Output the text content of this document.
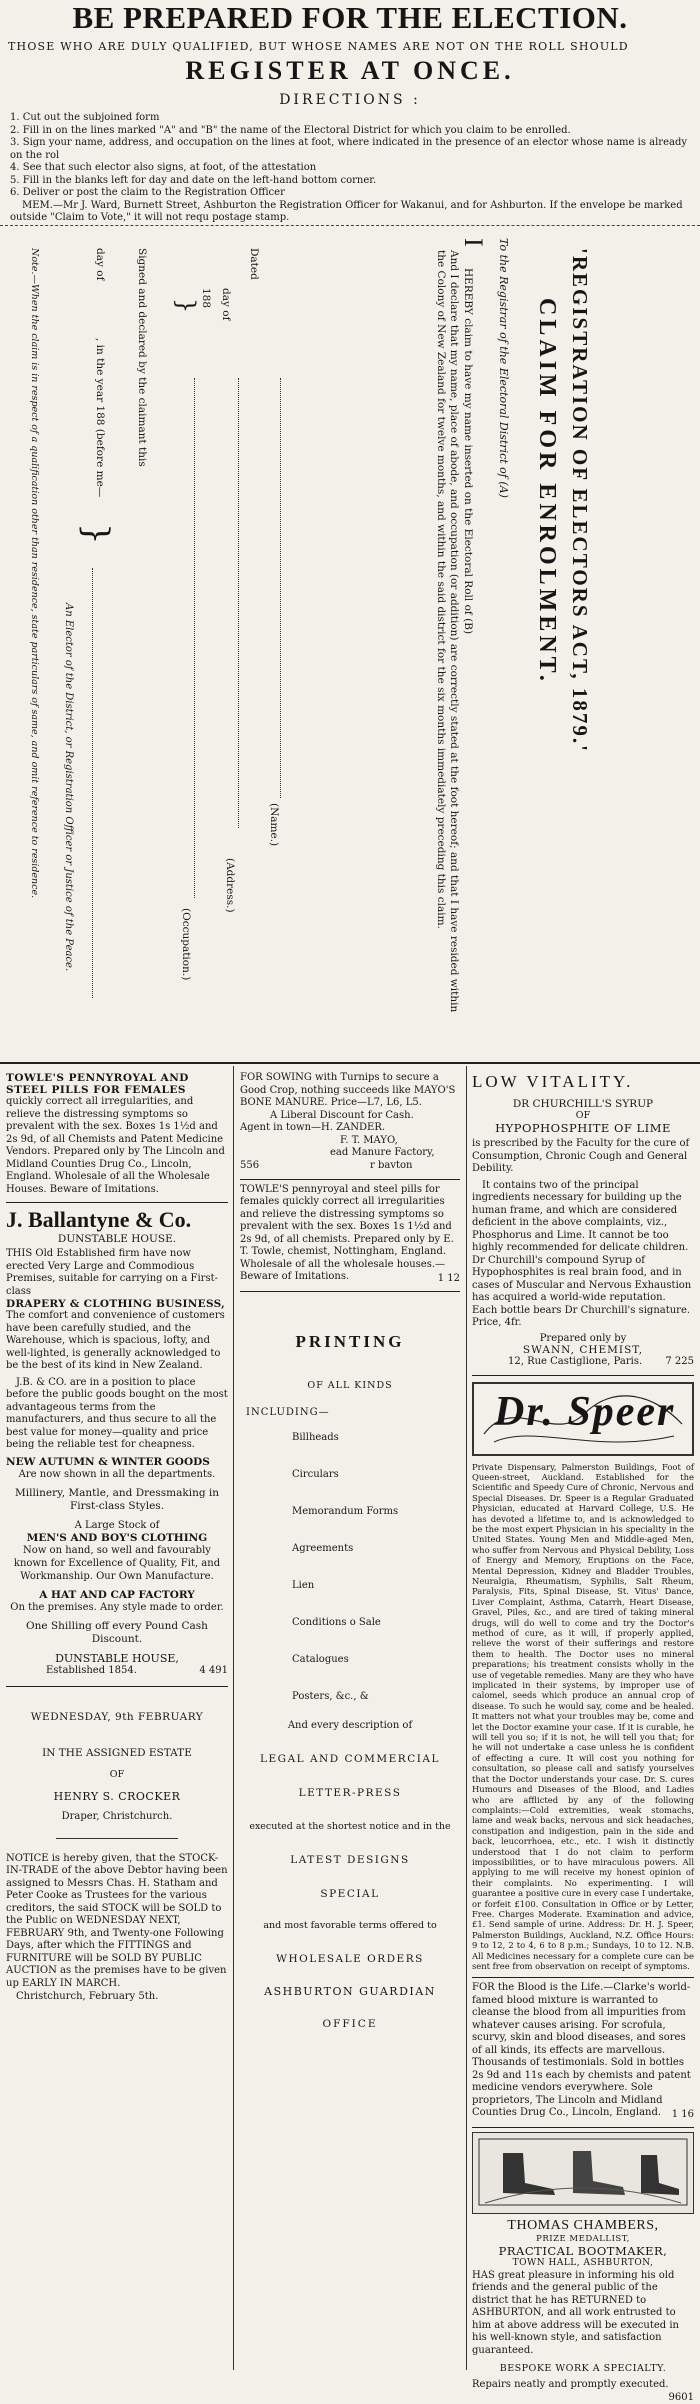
BE PREPARED FOR THE ELECTION.
THOSE WHO ARE DULY QUALIFIED, BUT WHOSE NAMES ARE NOT ON THE ROLL SHOULD
REGISTER AT ONCE.
DIRECTIONS :

1. Cut out the subjoined form

2. Fill in on the lines marked "A" and "B" the name of the Electoral District for which you claim to be enrolled.

3. Sign your name, address, and occupation on the lines at foot, where indicated in the presence of an elector whose name is already on the rol

4. See that such elector also signs, at foot, of the attestation

5. Fill in the blanks left for day and date on the left-hand bottom corner.

6. Deliver or post the claim to the Registration Officer

MEM.—Mr J. Ward, Burnett Street, Ashburton the Registration Officer for Wakanui, and for Ashburton. If the envelope be marked outside "Claim to Vote," it will not requ postage stamp.

'REGISTRATION OF ELECTORS ACT, 1879.'
CLAIM FOR ENROLMENT.
To the Registrar of the Electoral District of (A)
I
HEREBY claim to have my name inserted on the Electoral Roll of (B)
And I declare that my name, place of abode, and occupation (or addition) are correctly stated at the foot hereof; and that I have resided within the Colony of New Zealand for twelve months, and within the said district for the six months immediately preceding this claim.
Dated
day of
188
}
(Name.)
(Address.)
(Occupation.)
Signed and declared by the claimant this
day of
, in the year 188 (before me—
}
An Elector of the District, or Registration Officer or Justice of the Peace.
Note.—When the claim is in respect of a qualification other than residence, state particulars of same, and omit reference to residence.
TOWLE'S PENNYROYAL AND STEEL PILLS FOR FEMALES
quickly correct all irregularities, and relieve the distressing symptoms so prevalent with the sex. Boxes 1s 1½d and 2s 9d, of all Chemists and Patent Medicine Vendors. Prepared only by The Lincoln and Midland Counties Drug Co., Lincoln, England. Wholesale of all the Wholesale Houses. Beware of Imitations.
J. Ballantyne & Co.
DUNSTABLE HOUSE.
THIS Old Established firm have now erected Very Large and Commodious Premises, suitable for carrying on a First-class
DRAPERY & CLOTHING BUSINESS,
The comfort and convenience of customers have been carefully studied, and the Warehouse, which is spacious, lofty, and well-lighted, is generally acknowledged to be the best of its kind in New Zealand.
J.B. & CO. are in a position to place before the public goods bought on the most advantageous terms from the manufacturers, and thus secure to all the best value for money—quality and price being the reliable test for cheapness.
NEW AUTUMN & WINTER GOODS
Are now shown in all the departments.
Millinery, Mantle, and Dressmaking in First-class Styles.
A Large Stock of
MEN'S AND BOY'S CLOTHING
Now on hand, so well and favourably known for Excellence of Quality, Fit, and Workmanship. Our Own Manufacture.
A HAT AND CAP FACTORY
On the premises. Any style made to order.
One Shilling off every Pound Cash Discount.
DUNSTABLE HOUSE,
Established 1854.	4 491
WEDNESDAY, 9th FEBRUARY
IN THE ASSIGNED ESTATE
OF
HENRY S. CROCKER
Draper, Christchurch.
NOTICE is hereby given, that the STOCK-IN-TRADE of the above Debtor having been assigned to Messrs Chas. H. Statham and Peter Cooke as Trustees for the various creditors, the said STOCK will be SOLD to the Public on WEDNESDAY NEXT, FEBRUARY 9th, and Twenty-one Following Days, after which the FITTINGS and FURNITURE will be SOLD BY PUBLIC AUCTION as the premises have to be given up EARLY IN MARCH.
Christchurch, February 5th.
FOR SOWING with Turnips to secure a Good Crop, nothing succeeds like MAYO'S BONE MANURE. Price—L7, L6, L5.
A Liberal Discount for Cash.
Agent in town—H. ZANDER.
F. T. MAYO,
ead Manure Factory,
556	r bavton
TOWLE'S pennyroyal and steel pills for females quickly correct all irregularities and relieve the distressing symptoms so prevalent with the sex. Boxes 1s 1½d and 2s 9d, of all chemists. Prepared only by E. T. Towle, chemist, Nottingham, England. Wholesale of all the wholesale houses.—Beware of Imitations.	1 12
PRINTING
OF ALL KINDS
INCLUDING—

Billheads

Circulars

Memorandum Forms

Agreements

Lien

Conditions o Sale

Catalogues

Posters, &c., &

And every description of
LEGAL AND COMMERCIAL
LETTER-PRESS
executed at the shortest notice and in the
LATEST DESIGNS
SPECIAL
and most favorable terms offered to
WHOLESALE ORDERS
ASHBURTON GUARDIAN
OFFICE
LOW VITALITY.
DR CHURCHILL'S SYRUP
OF
HYPOPHOSPHITE OF LIME
is prescribed by the Faculty for the cure of Consumption, Chronic Cough and General Debility.
It contains two of the principal ingredients necessary for building up the human frame, and which are considered deficient in the above complaints, viz., Phosphorus and Lime. It cannot be too highly recommended for delicate children. Dr Churchill's compound Syrup of Hypophosphites is real brain food, and in cases of Muscular and Nervous Exhaustion has acquired a world-wide reputation. Each bottle bears Dr Churchill's signature. Price, 4fr.
Prepared only by
SWANN, CHEMIST,
12, Rue Castiglione, Paris. 7 225
Dr. Speer
Private Dispensary, Palmerston Buildings, Foot of Queen-street, Auckland. Established for the Scientific and Speedy Cure of Chronic, Nervous and Special Diseases. Dr. Speer is a Regular Graduated Physician, educated at Harvard College, U.S. He has devoted a lifetime to, and is acknowledged to be the most expert Physician in his speciality in the United States. Young Men and Middle-aged Men, who suffer from Nervous and Physical Debility, Loss of Energy and Memory, Eruptions on the Face, Mental Depression, Kidney and Bladder Troubles, Neuralgia, Rheumatism, Syphilis, Salt Rheum, Paralysis, Fits, Spinal Disease, St. Vitus' Dance, Liver Complaint, Asthma, Catarrh, Heart Disease, Gravel, Piles, &c., and are tired of taking mineral drugs, will do well to come and try the Doctor's method of cure, as it will, if properly applied, relieve the worst of their sufferings and restore them to health. The Doctor uses no mineral preparations; his treatment consists wholly in the use of vegetable remedies. Many are they who have implicated in their systems, by improper use of calomel, seeds which produce an annual crop of disease. To such he would say, come and be healed. It matters not what your troubles may be, come and let the Doctor examine your case. If it is curable, he will tell you so; if it is not, he will tell you that; for he will not undertake a case unless he is confident of effecting a cure. It will cost you nothing for consultation, so please call and satisfy yourselves that the Doctor understands your case. Dr. S. cures Humours and Diseases of the Blood, and Ladies who are afflicted by any of the following complaints:—Cold extremities, weak stomachs, lame and weak backs, nervous and sick headaches, constipation and indigestion, pain in the side and back, leucorrhoea, etc., etc. I wish it distinctly understood that I do not claim to perform impossibilities, or to have miraculous powers. All applying to me will receive my honest opinion of their complaints. No experimenting. I will guarantee a positive cure in every case I undertake, or forfeit £100. Consultation in Office or by Letter, Free. Charges Moderate. Examination and advice, £1. Send sample of urine. Address: Dr. H. J. Speer, Palmerston Buildings, Auckland, N.Z. Office Hours: 9 to 12, 2 to 4, 6 to 8 p.m.; Sundays, 10 to 12. N.B. All Medicines necessary for a complete cure can be sent free from observation on receipt of symptoms.
FOR the Blood is the Life.—Clarke's world-famed blood mixture is warranted to cleanse the blood from all impurities from whatever causes arising. For scrofula, scurvy, skin and blood diseases, and sores of all kinds, its effects are marvellous. Thousands of testimonials. Sold in bottles 2s 9d and 11s each by chemists and patent medicine vendors everywhere. Sole proprietors, The Lincoln and Midland Counties Drug Co., Lincoln, England.	1 16
THOMAS CHAMBERS,
PRIZE MEDALLIST,
PRACTICAL BOOTMAKER,
TOWN HALL, ASHBURTON,
HAS great pleasure in informing his old friends and the general public of the district that he has RETURNED to ASHBURTON, and all work entrusted to him at above address will be executed in his well-known style, and satisfaction guaranteed.
BESPOKE WORK A SPECIALTY.
Repairs neatly and promptly executed.
9601
